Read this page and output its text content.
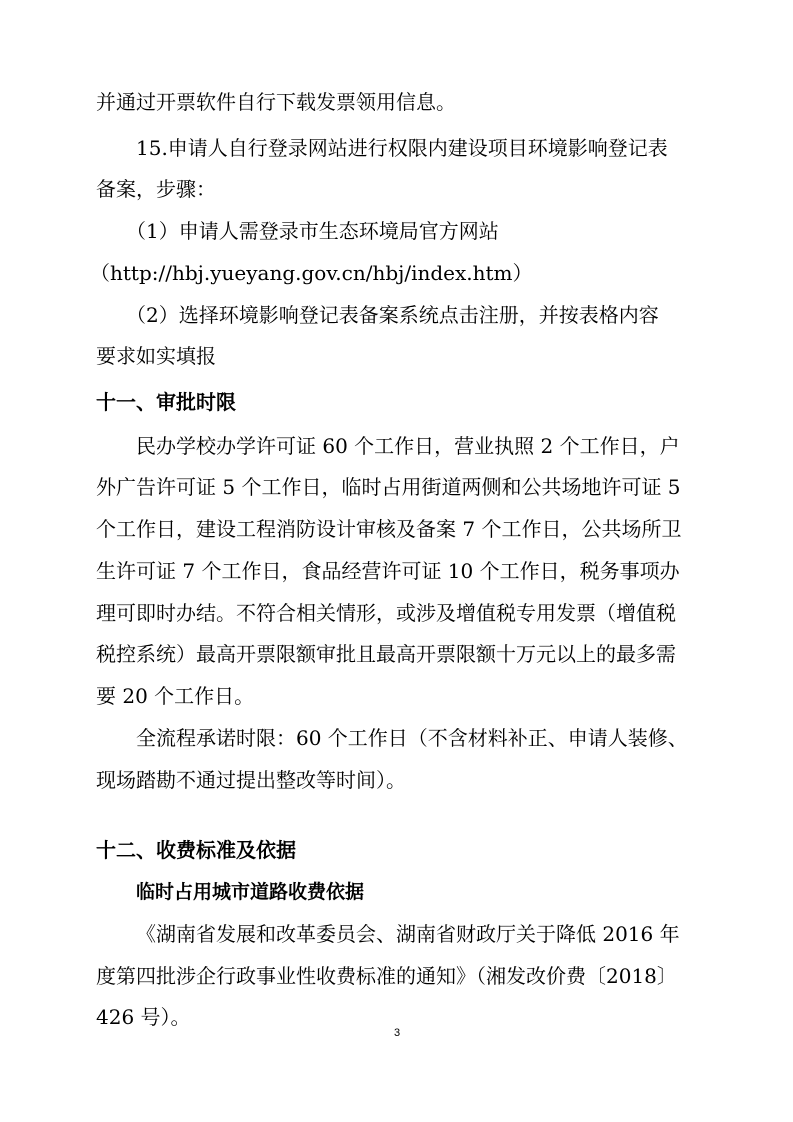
并通过开票软件自行下载发票领用信息。
15.申请人自行登录网站进行权限内建设项目环境影响登记表
备案，步骤：
（1）申请人需登录市生态环境局官方网站
（http://hbj.yueyang.gov.cn/hbj/index.htm）
（2）选择环境影响登记表备案系统点击注册，并按表格内容
要求如实填报
十一、审批时限
民办学校办学许可证 60 个工作日，营业执照 2 个工作日，户
外广告许可证 5 个工作日，临时占用街道两侧和公共场地许可证 5
个工作日，建设工程消防设计审核及备案 7 个工作日，公共场所卫
生许可证 7 个工作日，食品经营许可证 10 个工作日，税务事项办
理可即时办结。不符合相关情形，或涉及增值税专用发票（增值税
税控系统）最高开票限额审批且最高开票限额十万元以上的最多需
要 20 个工作日。
全流程承诺时限：60 个工作日（不含材料补正、申请人装修、
现场踏勘不通过提出整改等时间）。
十二、收费标准及依据
临时占用城市道路收费依据
《湖南省发展和改革委员会、湖南省财政厅关于降低 2016 年
度第四批涉企行政事业性收费标准的通知》（湘发改价费〔2018〕
426 号）。
3
